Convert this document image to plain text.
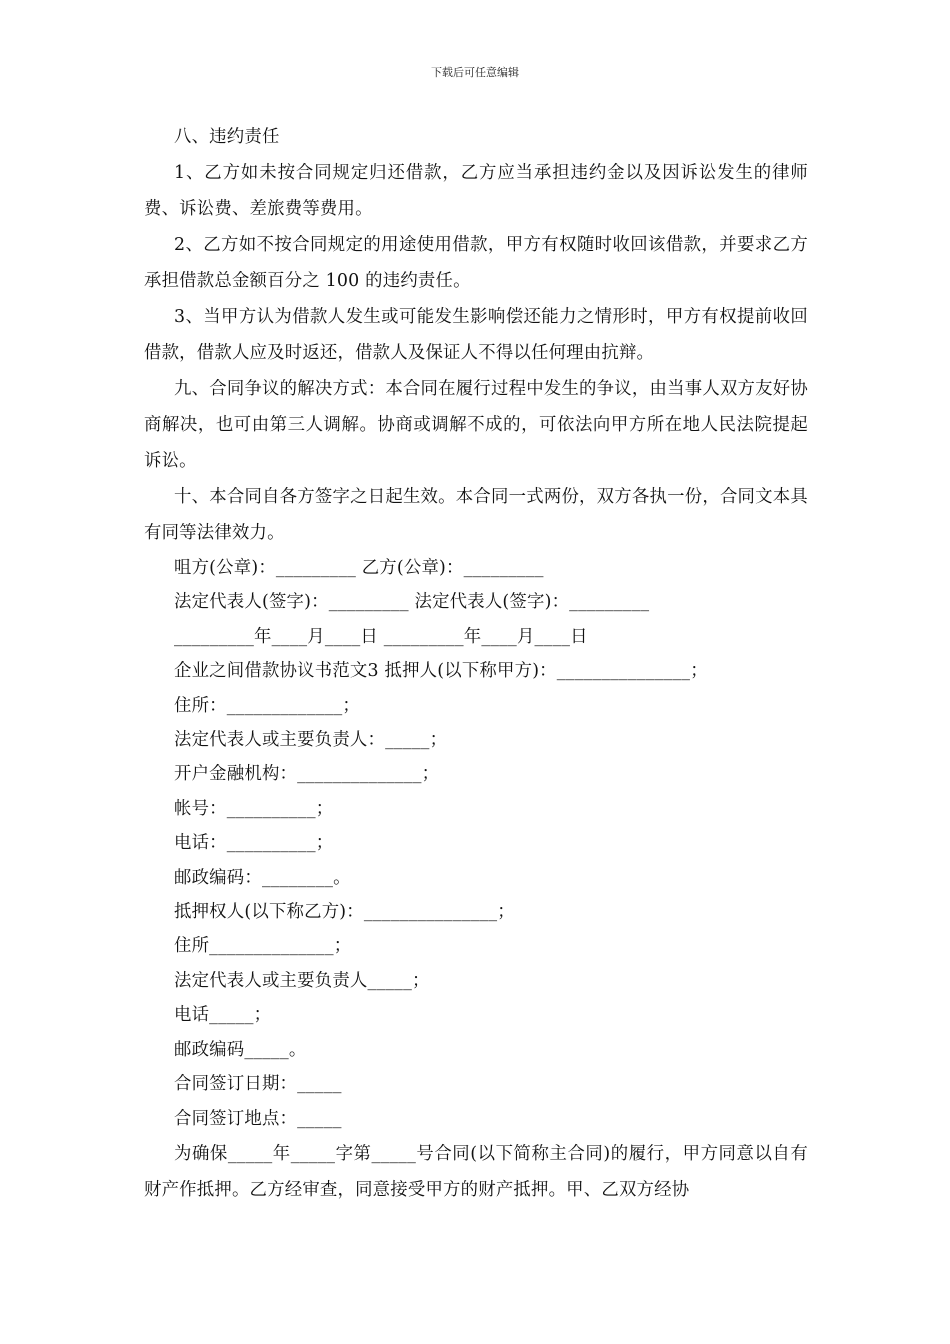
下载后可任意编辑

八、违约责任

1、乙方如未按合同规定归还借款，乙方应当承担违约金以及因诉讼发生的律师费、诉讼费、差旅费等费用。

2、乙方如不按合同规定的用途使用借款，甲方有权随时收回该借款，并要求乙方承担借款总金额百分之 100 的违约责任。

3、当甲方认为借款人发生或可能发生影响偿还能力之情形时，甲方有权提前收回借款，借款人应及时返还，借款人及保证人不得以任何理由抗辩。

九、合同争议的解决方式：本合同在履行过程中发生的争议，由当事人双方友好协商解决，也可由第三人调解。协商或调解不成的，可依法向甲方所在地人民法院提起诉讼。

十、本合同自各方签字之日起生效。本合同一式两份，双方各执一份，合同文本具有同等法律效力。

咀方(公章)：_________ 乙方(公章)：_________

法定代表人(签字)：_________ 法定代表人(签字)：_________

_________年____月____日 _________年____月____日

企业之间借款协议书范文3 抵押人(以下称甲方)：_______________；

住所：_____________；

法定代表人或主要负责人：_____；

开户金融机构：______________；

帐号：__________；

电话：__________；

邮政编码：________。

抵押权人(以下称乙方)：_______________；

住所______________；

法定代表人或主要负责人_____；

电话_____；

邮政编码_____。

合同签订日期：_____

合同签订地点：_____

为确保_____年_____字第_____号合同(以下简称主合同)的履行，甲方同意以自有财产作抵押。乙方经审查，同意接受甲方的财产抵押。甲、乙双方经协
